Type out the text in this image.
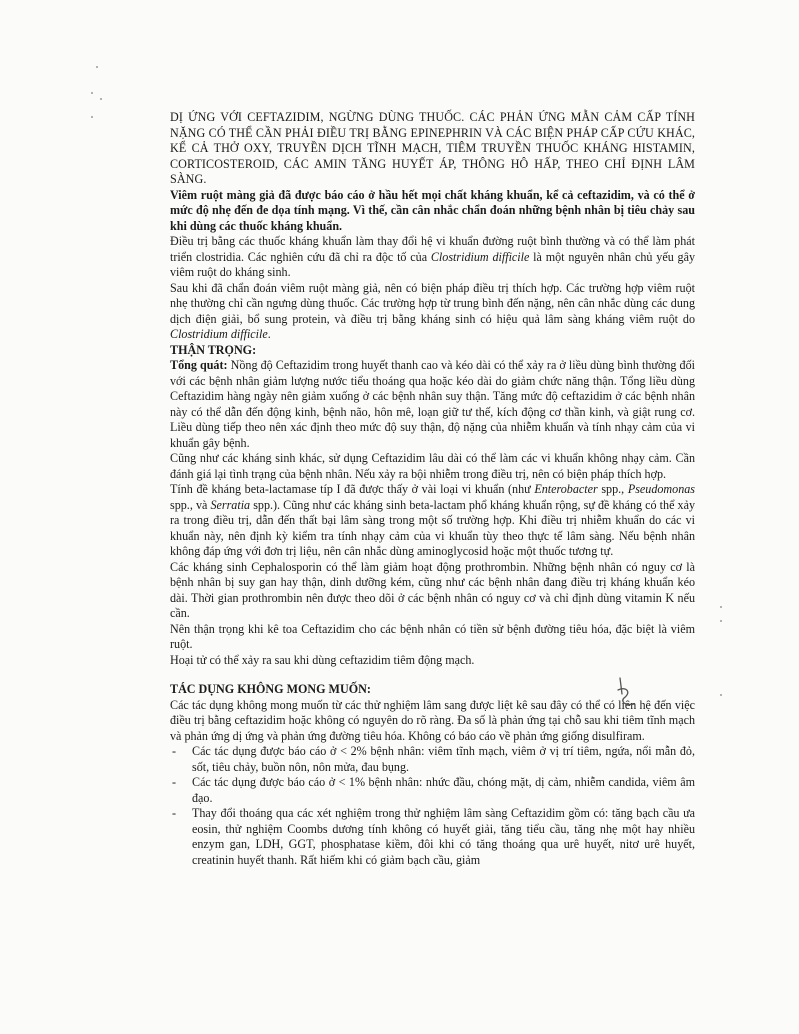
DỊ ỨNG VỚI CEFTAZIDIM, NGỪNG DÙNG THUỐC. CÁC PHẢN ỨNG MẪN CẢM CẤP TÍNH NẶNG CÓ THỂ CẦN PHẢI ĐIỀU TRỊ BẰNG EPINEPHRIN VÀ CÁC BIỆN PHÁP CẤP CỨU KHÁC, KỂ CẢ THỞ OXY, TRUYỀN DỊCH TĨNH MẠCH, TIÊM TRUYỀN THUỐC KHÁNG HISTAMIN, CORTICOSTEROID, CÁC AMIN TĂNG HUYẾT ÁP, THÔNG HÔ HẤP, THEO CHỈ ĐỊNH LÂM SÀNG.

Viêm ruột màng giả đã được báo cáo ở hầu hết mọi chất kháng khuẩn, kể cả ceftazidim, và có thể ở mức độ nhẹ đến đe dọa tính mạng. Vì thế, cần cân nhắc chẩn đoán những bệnh nhân bị tiêu chảy sau khi dùng các thuốc kháng khuẩn.

Điều trị bằng các thuốc kháng khuẩn làm thay đổi hệ vi khuẩn đường ruột bình thường và có thể làm phát triển clostridia. Các nghiên cứu đã chỉ ra độc tố của Clostridium difficile là một nguyên nhân chủ yếu gây viêm ruột do kháng sinh.

Sau khi đã chẩn đoán viêm ruột màng giả, nên có biện pháp điều trị thích hợp. Các trường hợp viêm ruột nhẹ thường chỉ cần ngưng dùng thuốc. Các trường hợp từ trung bình đến nặng, nên cân nhắc dùng các dung dịch điện giải, bổ sung protein, và điều trị bằng kháng sinh có hiệu quả lâm sàng kháng viêm ruột do Clostridium difficile.

THẬN TRỌNG:

Tổng quát: Nồng độ Ceftazidim trong huyết thanh cao và kéo dài có thể xảy ra ở liều dùng bình thường đối với các bệnh nhân giảm lượng nước tiểu thoáng qua hoặc kéo dài do giảm chức năng thận. Tổng liều dùng Ceftazidim hàng ngày nên giảm xuống ở các bệnh nhân suy thận. Tăng mức độ ceftazidim ở các bệnh nhân này có thể dẫn đến động kinh, bệnh não, hôn mê, loạn giữ tư thế, kích động cơ thần kinh, và giật rung cơ. Liều dùng tiếp theo nên xác định theo mức độ suy thận, độ nặng của nhiễm khuẩn và tính nhạy cảm của vi khuẩn gây bệnh.

Cũng như các kháng sinh khác, sử dụng Ceftazidim lâu dài có thể làm các vi khuẩn không nhạy cảm. Cần đánh giá lại tình trạng của bệnh nhân. Nếu xảy ra bội nhiễm trong điều trị, nên có biện pháp thích hợp.

Tính đề kháng beta-lactamase típ I đã được thấy ở vài loại vi khuẩn (như Enterobacter spp., Pseudomonas spp., và Serratia spp.). Cũng như các kháng sinh beta-lactam phổ kháng khuẩn rộng, sự đề kháng có thể xảy ra trong điều trị, dẫn đến thất bại lâm sàng trong một số trường hợp. Khi điều trị nhiễm khuẩn do các vi khuẩn này, nên định kỳ kiểm tra tính nhạy cảm của vi khuẩn tùy theo thực tế lâm sàng. Nếu bệnh nhân không đáp ứng với đơn trị liệu, nên cân nhắc dùng aminoglycosid hoặc một thuốc tương tự.

Các kháng sinh Cephalosporin có thể làm giảm hoạt động prothrombin. Những bệnh nhân có nguy cơ là bệnh nhân bị suy gan hay thận, dinh dưỡng kém, cũng như các bệnh nhân đang điều trị kháng khuẩn kéo dài. Thời gian prothrombin nên được theo dõi ở các bệnh nhân có nguy cơ và chỉ định dùng vitamin K nếu cần.

Nên thận trọng khi kê toa Ceftazidim cho các bệnh nhân có tiền sử bệnh đường tiêu hóa, đặc biệt là viêm ruột.

Hoại tử có thể xảy ra sau khi dùng ceftazidim tiêm động mạch.

TÁC DỤNG KHÔNG MONG MUỐN:

Các tác dụng không mong muốn từ các thử nghiệm lâm sang được liệt kê sau đây có thể có liên hệ đến việc điều trị bằng ceftazidim hoặc không có nguyên do rõ ràng. Đa số là phản ứng tại chỗ sau khi tiêm tĩnh mạch và phản ứng dị ứng và phản ứng đường tiêu hóa. Không có báo cáo về phản ứng giống disulfiram.

- Các tác dụng được báo cáo ở < 2% bệnh nhân: viêm tĩnh mạch, viêm ở vị trí tiêm, ngứa, nổi mẫn đỏ, sốt, tiêu chảy, buồn nôn, nôn mửa, đau bụng.
- Các tác dụng được báo cáo ở < 1% bệnh nhân: nhức đầu, chóng mặt, dị cảm, nhiễm candida, viêm âm đạo.
- Thay đổi thoáng qua các xét nghiệm trong thử nghiệm lâm sàng Ceftazidim gồm có: tăng bạch cầu ưa eosin, thử nghiệm Coombs dương tính không có huyết giải, tăng tiểu cầu, tăng nhẹ một hay nhiều enzym gan, LDH, GGT, phosphatase kiềm, đôi khi có tăng thoáng qua urê huyết, nitơ urê huyết, creatinin huyết thanh. Rất hiếm khi có giảm bạch cầu, giảm
